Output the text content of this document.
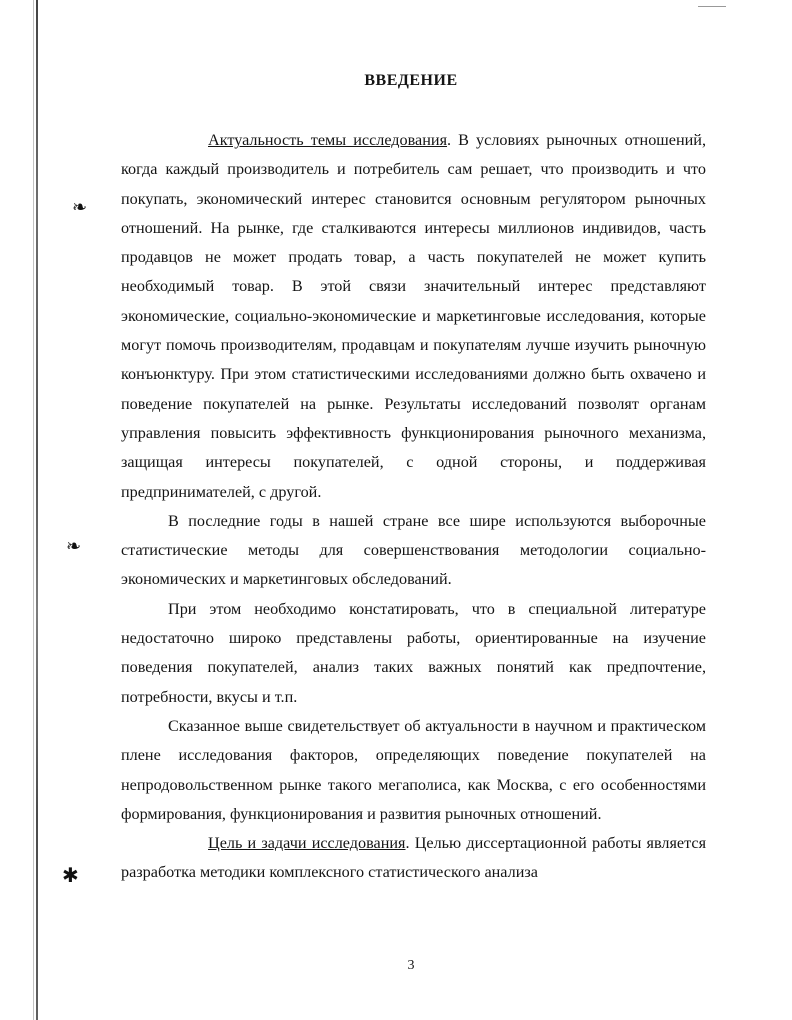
❧
❧
✱
ВВЕДЕНИЕ

Актуальность темы исследования. В условиях рыночных отношений, когда каждый производитель и потребитель сам решает, что производить и что покупать, экономический интерес становится основным регулятором рыночных отношений. На рынке, где сталкиваются интересы миллионов индивидов, часть продавцов не может продать товар, а часть покупателей не может купить необходимый товар. В этой связи значительный интерес представляют экономические, социально-экономические и маркетинговые исследования, которые могут помочь производителям, продавцам и покупателям лучше изучить рыночную конъюнктуру. При этом статистическими исследованиями должно быть охвачено и поведение покупателей на рынке. Результаты исследований позволят органам управления повысить эффективность функционирования рыночного механизма, защищая интересы покупателей, с одной стороны, и поддерживая предпринимателей, с другой.

В последние годы в нашей стране все шире используются выборочные статистические методы для совершенствования методологии социально-экономических и маркетинговых обследований.

При этом необходимо констатировать, что в специальной литературе недостаточно широко представлены работы, ориентированные на изучение поведения покупателей, анализ таких важных понятий как предпочтение, потребности, вкусы и т.п.

Сказанное выше свидетельствует об актуальности в научном и практическом плене исследования факторов, определяющих поведение покупателей на непродовольственном рынке такого мегаполиса, как Москва, с его особенностями формирования, функционирования и развития рыночных отношений.

Цель и задачи исследования. Целью диссертационной работы является разработка методики комплексного статистического анализа

3
